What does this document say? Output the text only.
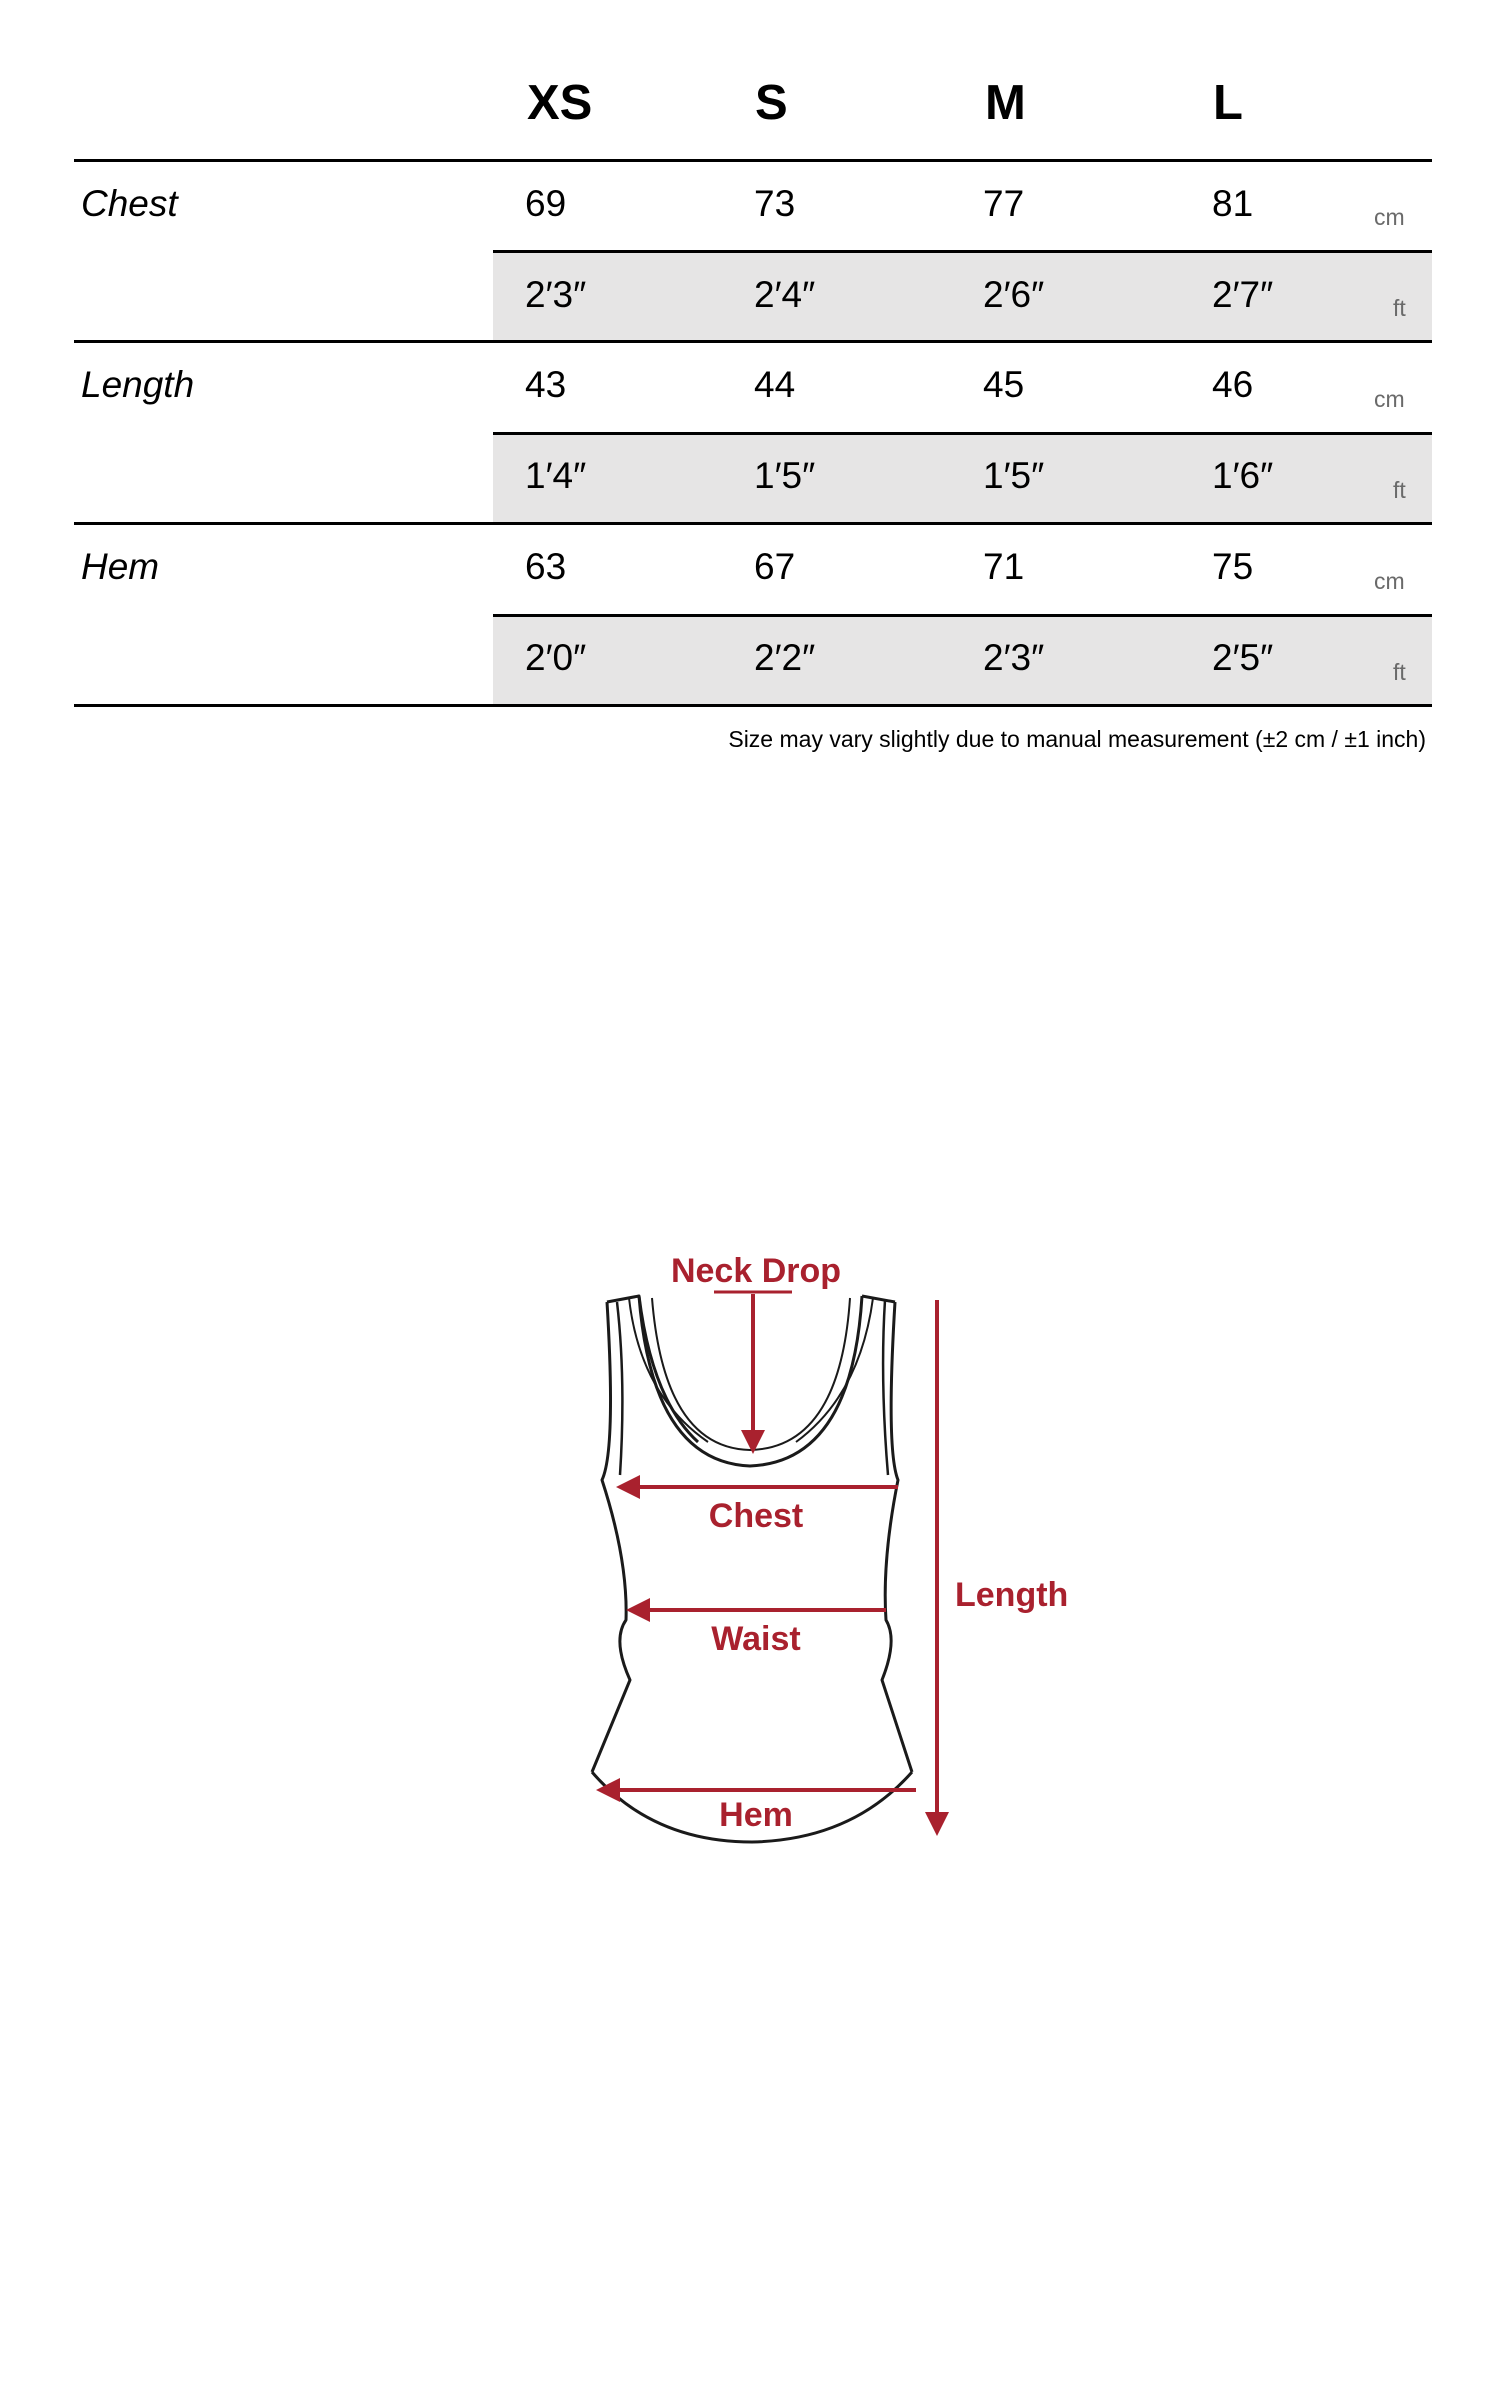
XS	S	M	L
Chest	69	73	77	81	cm
2′3″	2′4″	2′6″	2′7″	ft
Length	43	44	45	46	cm
1′4″	1′5″	1′5″	1′6″	ft
Hem	63	67	71	75	cm
2′0″	2′2″	2′3″	2′5″	ft
Size may vary slightly due to manual measurement (±2 cm / ±1 inch)
Neck Drop
Chest
Waist
Hem
Length
